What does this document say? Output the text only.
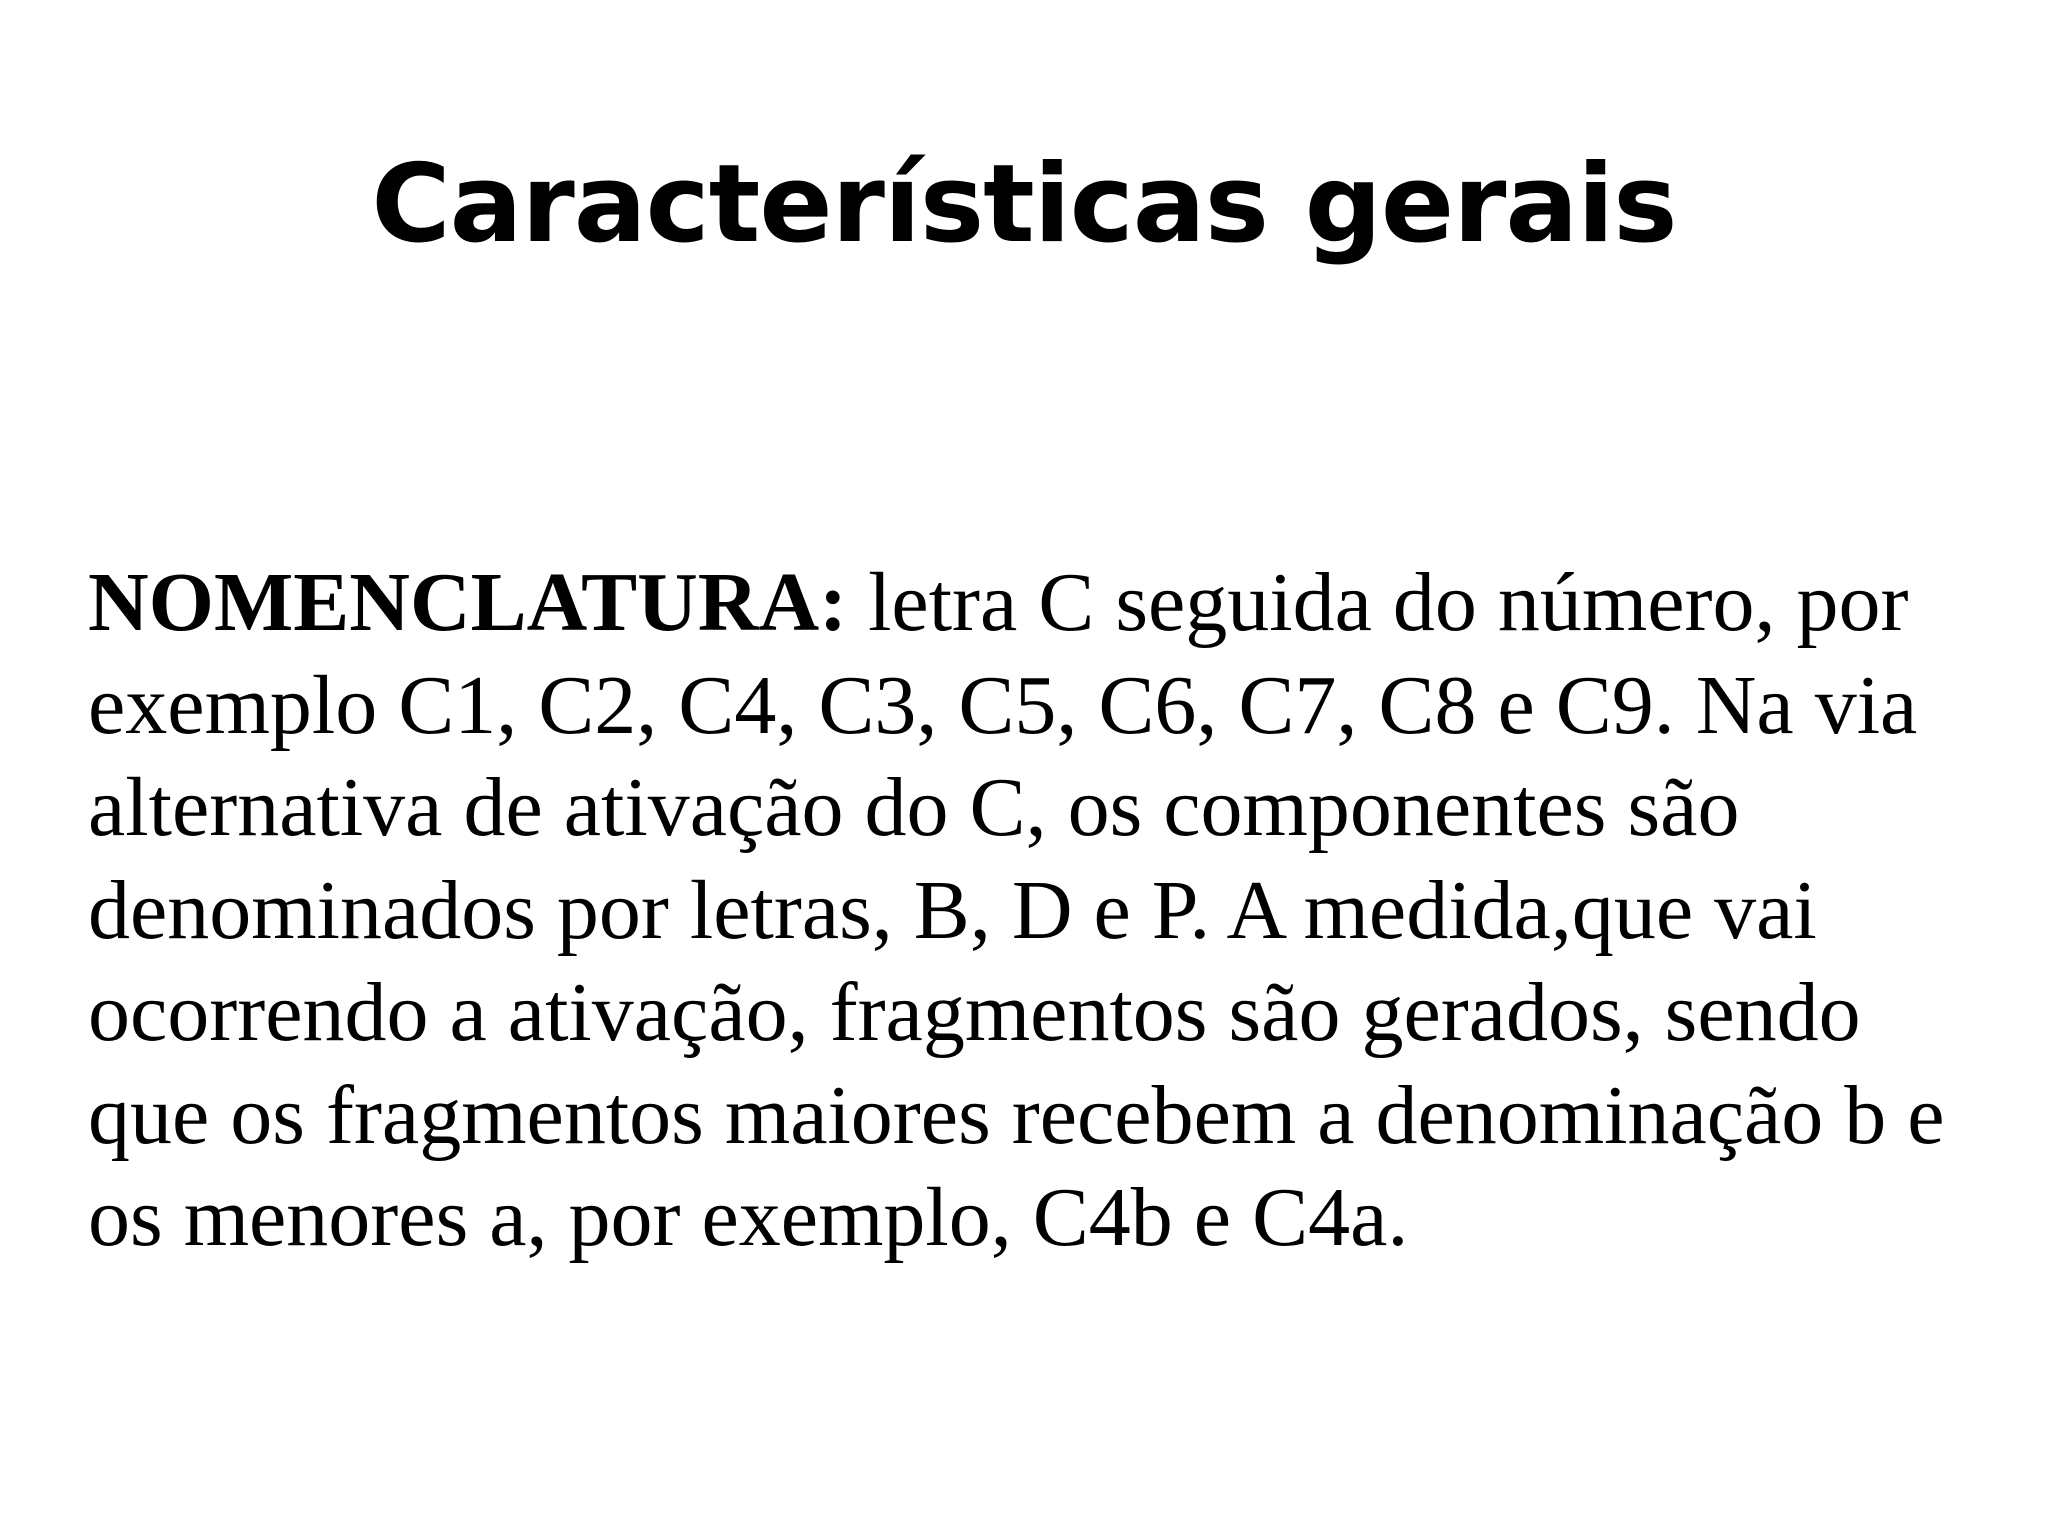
Características gerais

NOMENCLATURA: letra C seguida do número, por
exemplo C1, C2, C4, C3, C5, C6, C7, C8 e C9. Na via
alternativa de ativação do C, os componentes são
denominados por letras, B, D e P. A medida,que vai
ocorrendo a ativação, fragmentos são gerados, sendo
que os fragmentos maiores recebem a denominação b e
os menores a, por exemplo, C4b e C4a.
